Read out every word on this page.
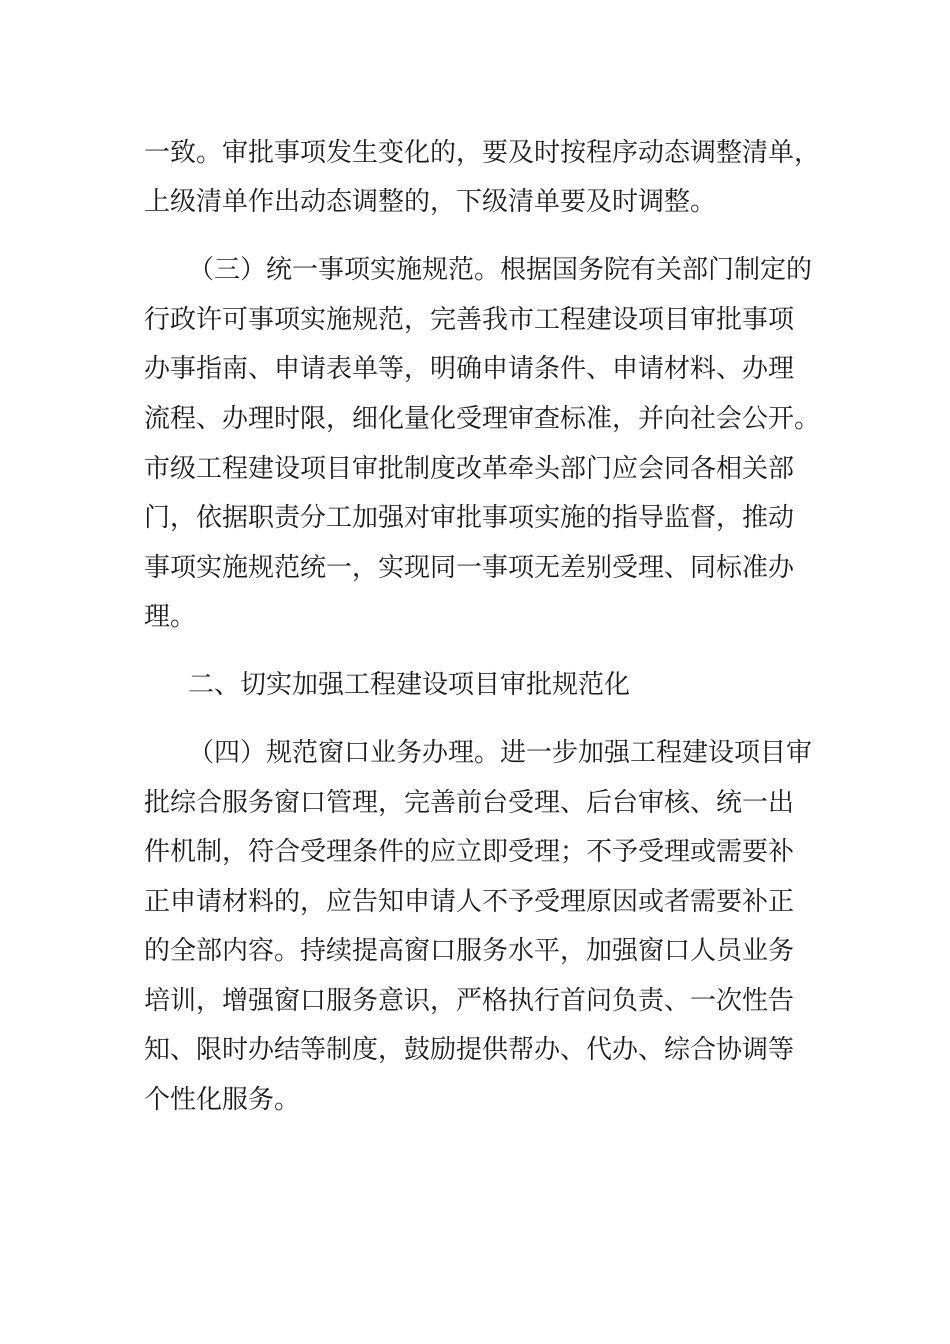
一致。审批事项发生变化的，要及时按程序动态调整清单，
上级清单作出动态调整的，下级清单要及时调整。
（三）统一事项实施规范。根据国务院有关部门制定的
行政许可事项实施规范，完善我市工程建设项目审批事项
办事指南、申请表单等，明确申请条件、申请材料、办理
流程、办理时限，细化量化受理审查标准，并向社会公开。
市级工程建设项目审批制度改革牵头部门应会同各相关部
门，依据职责分工加强对审批事项实施的指导监督，推动
事项实施规范统一，实现同一事项无差别受理、同标准办
理。
二、切实加强工程建设项目审批规范化
（四）规范窗口业务办理。进一步加强工程建设项目审
批综合服务窗口管理，完善前台受理、后台审核、统一出
件机制，符合受理条件的应立即受理；不予受理或需要补
正申请材料的，应告知申请人不予受理原因或者需要补正
的全部内容。持续提高窗口服务水平，加强窗口人员业务
培训，增强窗口服务意识，严格执行首问负责、一次性告
知、限时办结等制度，鼓励提供帮办、代办、综合协调等
个性化服务。
